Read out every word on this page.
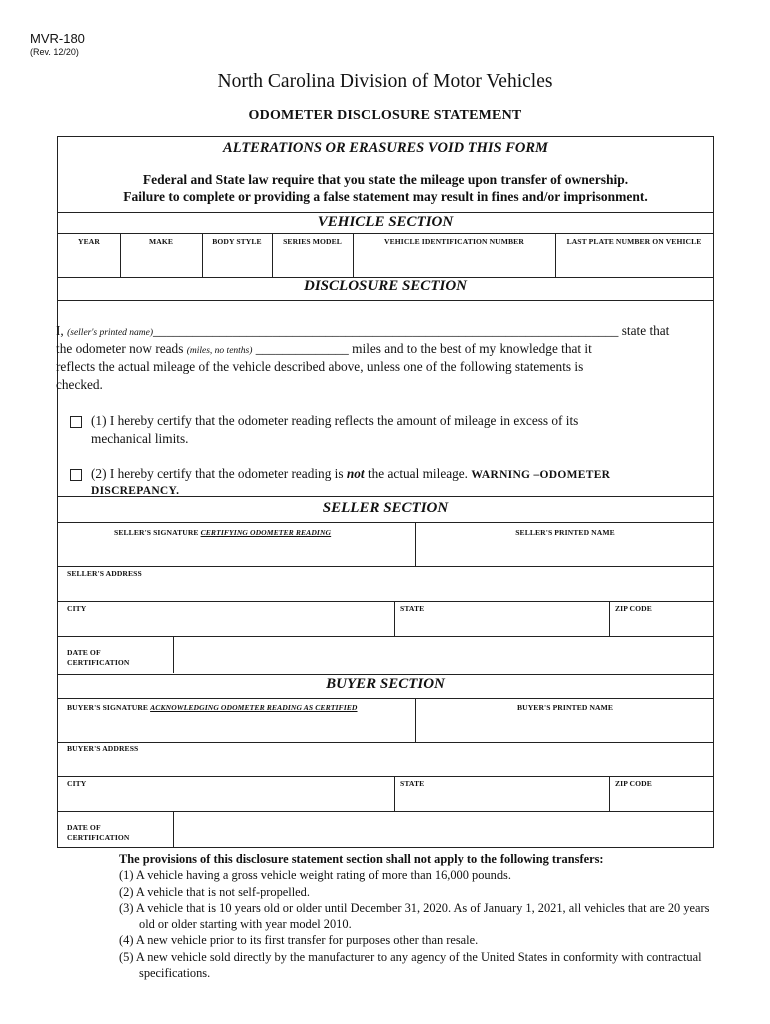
MVR-180
(Rev. 12/20)
North Carolina Division of Motor Vehicles
ODOMETER DISCLOSURE STATEMENT
ALTERATIONS OR ERASURES VOID THIS FORM
Federal and State law require that you state the mileage upon transfer of ownership.
Failure to complete or providing a false statement may result in fines and/or imprisonment.
VEHICLE SECTION
YEAR	MAKE	BODY STYLE	SERIES MODEL	VEHICLE IDENTIFICATION NUMBER	LAST PLATE NUMBER ON VEHICLE
DISCLOSURE SECTION
I, (seller's printed name)______________________________________________________________________ state that
the odometer now reads (miles, no tenths) ______________ miles and to the best of my knowledge that it
reflects the actual mileage of the vehicle described above, unless one of the following statements is
checked.
(1) I hereby certify that the odometer reading reflects the amount of mileage in excess of its
mechanical limits.
(2) I hereby certify that the odometer reading is not the actual mileage. WARNING –ODOMETER
DISCREPANCY.
SELLER SECTION
SELLER'S SIGNATURE CERTIFYING ODOMETER READING	SELLER'S PRINTED NAME
SELLER'S ADDRESS
CITY	STATE	ZIP CODE
DATE OF
CERTIFICATION
BUYER SECTION
BUYER'S SIGNATURE ACKNOWLEDGING ODOMETER READING AS CERTIFIED	BUYER'S PRINTED NAME
BUYER'S ADDRESS
CITY	STATE	ZIP CODE
DATE OF
CERTIFICATION
The provisions of this disclosure statement section shall not apply to the following transfers:
(1) A vehicle having a gross vehicle weight rating of more than 16,000 pounds.
(2) A vehicle that is not self-propelled.
(3) A vehicle that is 10 years old or older until December 31, 2020. As of January 1, 2021, all vehicles that are 20 years old or older starting with year model 2010.
(4) A new vehicle prior to its first transfer for purposes other than resale.
(5) A new vehicle sold directly by the manufacturer to any agency of the United States in conformity with contractual specifications.
